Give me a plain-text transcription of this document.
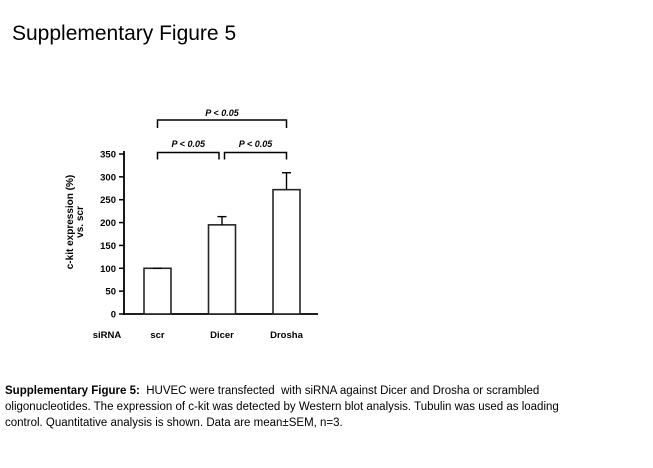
Supplementary Figure 5
0
50
100
150
200
250
300
350
scr	Dicer	Drosha
siRNA
c-kit expression (%) vs. scr
P < 0.05
P < 0.05	P < 0.05
Supplementary Figure 5:  HUVEC were transfected  with siRNA against Dicer and Drosha or scrambled
oligonucleotides. The expression of c-kit was detected by Western blot analysis. Tubulin was used as loading
control. Quantitative analysis is shown. Data are mean±SEM, n=3.
